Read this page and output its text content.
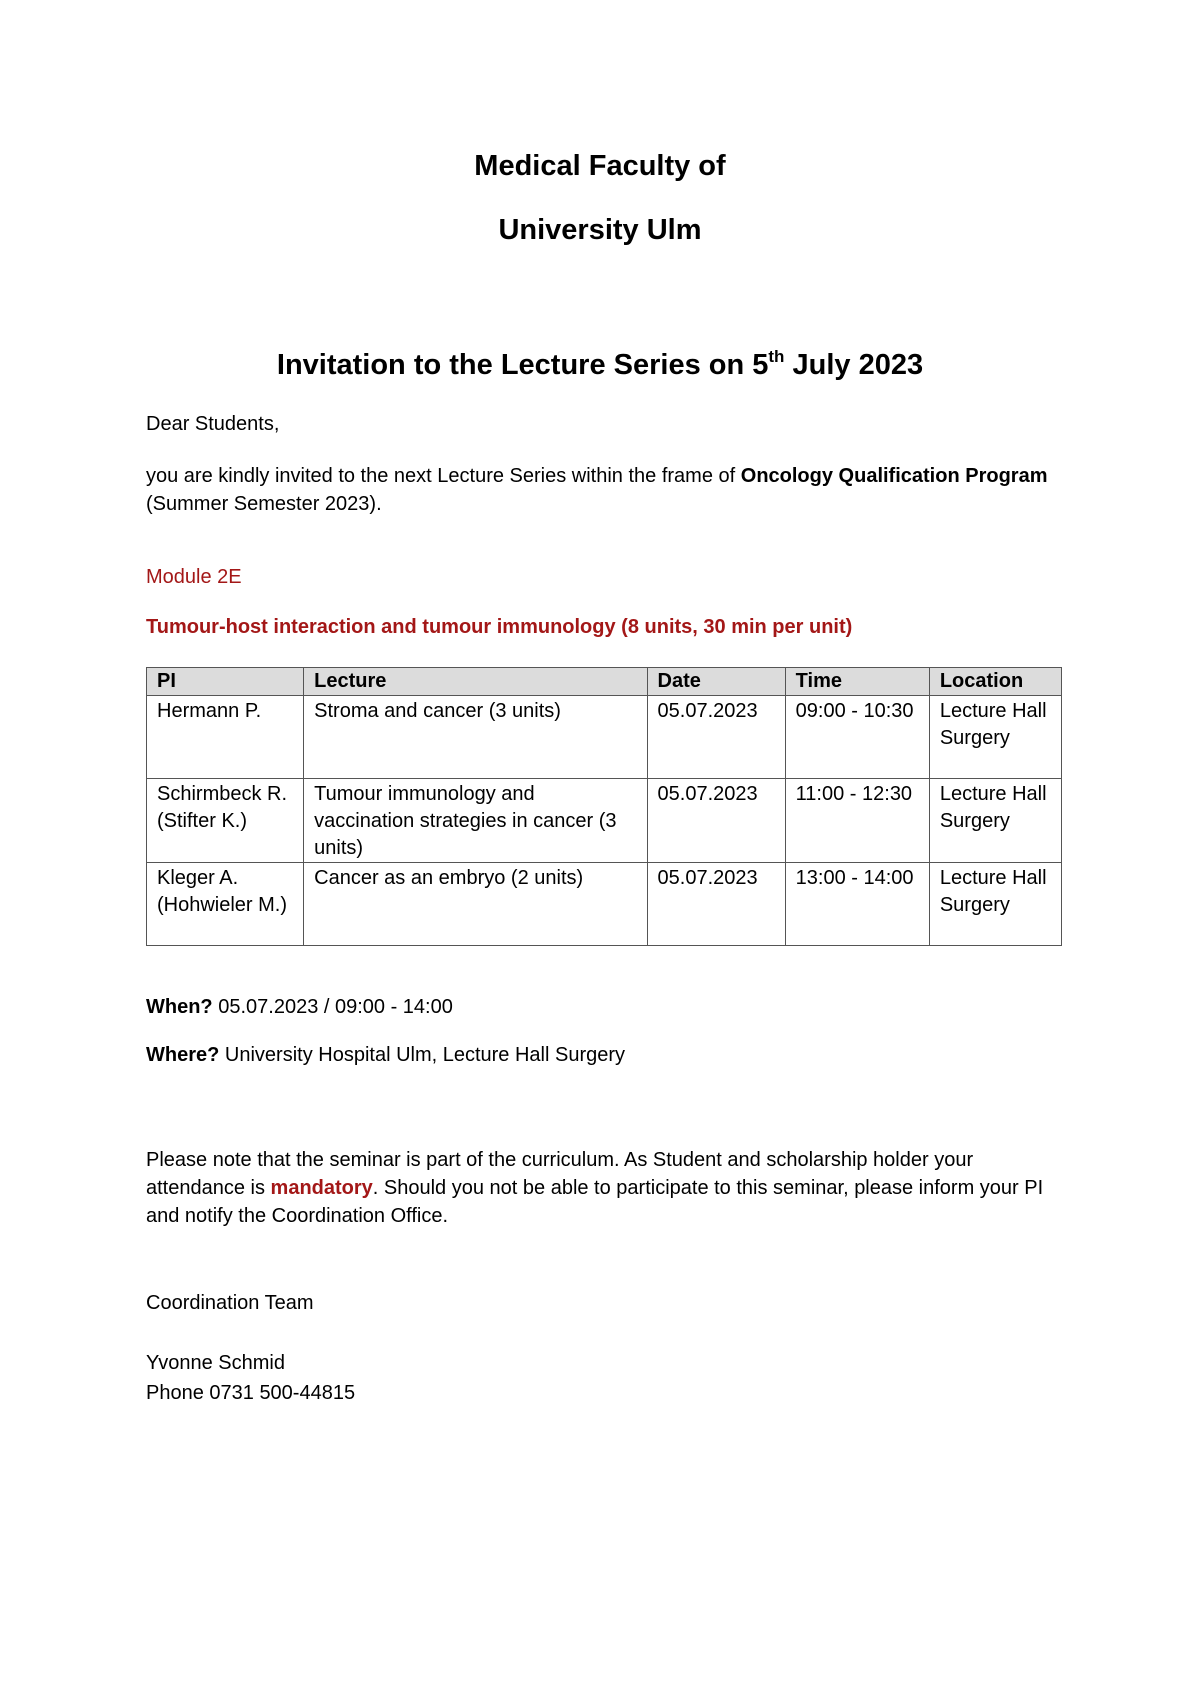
Medical Faculty of

University Ulm

Invitation to the Lecture Series on 5th July 2023

Dear Students,

you are kindly invited to the next Lecture Series within the frame of Oncology Qualification Program
(Summer Semester 2023).

Module 2E

Tumour-host interaction and tumour immunology (8 units, 30 min per unit)

PI	Lecture	Date	Time	Location
Hermann P.	Stroma and cancer (3 units)	05.07.2023	09:00 - 10:30	Lecture Hall Surgery
Schirmbeck R. (Stifter K.)	Tumour immunology and vaccination strategies in cancer (3 units)	05.07.2023	11:00 - 12:30	Lecture Hall Surgery
Kleger A. (Hohwieler M.)	Cancer as an embryo (2 units)	05.07.2023	13:00 - 14:00	Lecture Hall Surgery

When? 05.07.2023 / 09:00 - 14:00

Where? University Hospital Ulm, Lecture Hall Surgery

Please note that the seminar is part of the curriculum. As Student and scholarship holder your attendance is mandatory. Should you not be able to participate to this seminar, please inform your PI and notify the Coordination Office.

Coordination Team

Yvonne Schmid

Phone 0731 500-44815
